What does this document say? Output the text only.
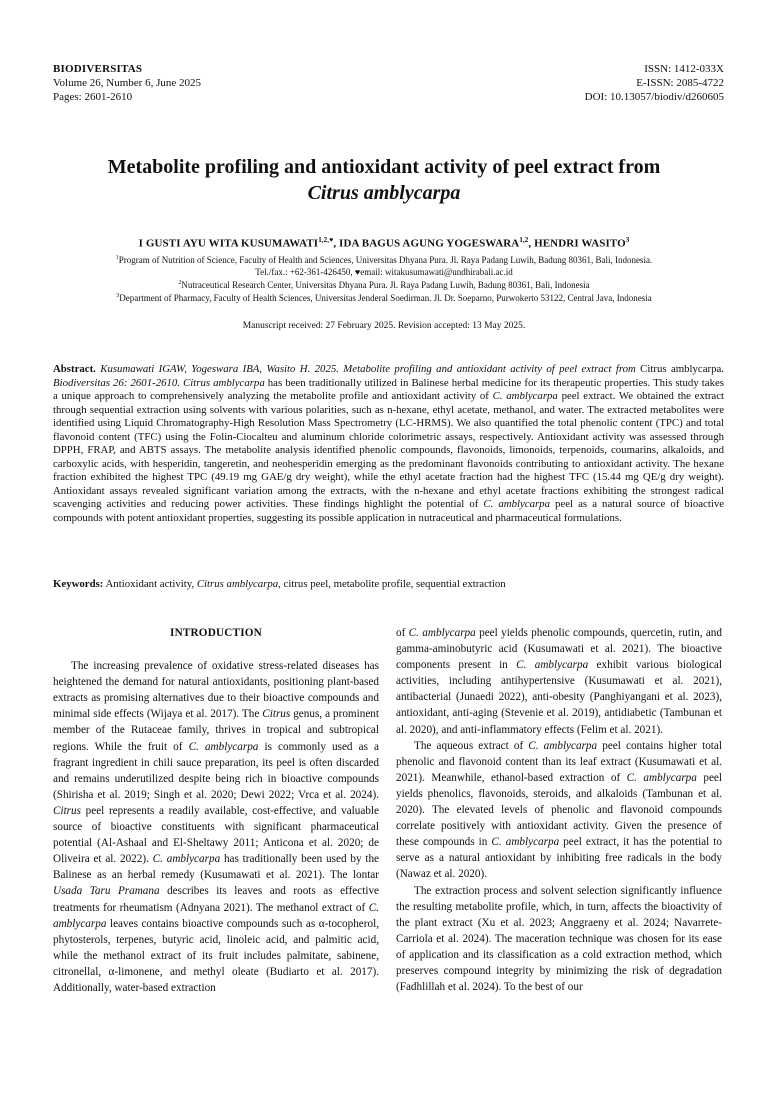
BIODIVERSITAS
Volume 26, Number 6, June 2025
Pages: 2601-2610
ISSN: 1412-033X
E-ISSN: 2085-4722
DOI: 10.13057/biodiv/d260605
Metabolite profiling and antioxidant activity of peel extract from
Citrus amblycarpa
I GUSTI AYU WITA $KUSUMAWATI^{1,2,♥}$, IDA BAGUS AGUNG YOGESWARA$^{1,2}$, HENDRI WASITO$^3$
$^1$Program of Nutrition of Science, Faculty of Health and Sciences, Universitas Dhyana Pura. Jl. Raya Padang Luwih, Badung 80361, Bali, Indonesia.
Tel./fax.: +62-361-426450, ♥email: witakusumawati@undhirabali.ac.id
$^2$Nutraceutical Research Center, Universitas Dhyana Pura. Jl. Raya Padang Luwih, Badung 80361, Bali, Indonesia
$^3$Department of Pharmacy, Faculty of Health Sciences, Universitas Jenderal Soedirman. Jl. Dr. Soeparno, Purwokerto 53122, Central Java, Indonesia
Manuscript received: 27 February 2025. Revision accepted: 13 May 2025.
Abstract. Kusumawati IGAW, Yogeswara IBA, Wasito H. 2025. Metabolite profiling and antioxidant activity of peel extract from Citrus amblycarpa. Biodiversitas 26: 2601-2610. Citrus amblycarpa has been traditionally utilized in Balinese herbal medicine for its therapeutic properties. This study takes a unique approach to comprehensively analyzing the metabolite profile and antioxidant activity of C. amblycarpa peel extract. We obtained the extract through sequential extraction using solvents with various polarities, such as n-hexane, ethyl acetate, methanol, and water. The extracted metabolites were identified using Liquid Chromatography-High Resolution Mass Spectrometry (LC-HRMS). We also quantified the total phenolic content (TPC) and total flavonoid content (TFC) using the Folin-Ciocalteu and aluminum chloride colorimetric assays, respectively. Antioxidant activity was assessed through DPPH, FRAP, and ABTS assays. The metabolite analysis identified phenolic compounds, flavonoids, limonoids, terpenoids, coumarins, alkaloids, and carboxylic acids, with hesperidin, tangeretin, and neohesperidin emerging as the predominant flavonoids contributing to antioxidant activity. The hexane fraction exhibited the highest TPC (49.19 mg GAE/g dry weight), while the ethyl acetate fraction had the highest TFC (15.44 mg QE/g dry weight). Antioxidant assays revealed significant variation among the extracts, with the n-hexane and ethyl acetate fractions exhibiting the strongest radical scavenging activities and reducing power activities. These findings highlight the potential of C. amblycarpa peel as a natural source of bioactive compounds with potent antioxidant properties, suggesting its possible application in nutraceutical and pharmaceutical formulations.
Keywords: Antioxidant activity, Citrus amblycarpa, citrus peel, metabolite profile, sequential extraction
INTRODUCTION

The increasing prevalence of oxidative stress-related diseases has heightened the demand for natural antioxidants, positioning plant-based extracts as promising alternatives due to their bioactive compounds and minimal side effects (Wijaya et al. 2017). The Citrus genus, a prominent member of the Rutaceae family, thrives in tropical and subtropical regions. While the fruit of C. amblycarpa is commonly used as a fragrant ingredient in chili sauce preparation, its peel is often discarded and remains underutilized despite being rich in bioactive compounds (Shirisha et al. 2019; Singh et al. 2020; Dewi 2022; Vrca et al. 2024). Citrus peel represents a readily available, cost-effective, and valuable source of bioactive constituents with significant pharmaceutical potential (Al-Ashaal and El-Sheltawy 2011; Anticona et al. 2020; de Oliveira et al. 2022). C. amblycarpa has traditionally been used by the Balinese as an herbal remedy (Kusumawati et al. 2021). The lontar Usada Taru Pramana describes its leaves and roots as effective treatments for rheumatism (Adnyana 2021). The methanol extract of C. amblycarpa leaves contains bioactive compounds such as α-tocopherol, phytosterols, terpenes, butyric acid, linoleic acid, and palmitic acid, while the methanol extract of its fruit includes palmitate, sabinene, citronellal, α-limonene, and methyl oleate (Budiarto et al. 2017). Additionally, water-based extraction

of C. amblycarpa peel yields phenolic compounds, quercetin, rutin, and gamma-aminobutyric acid (Kusumawati et al. 2021). The bioactive components present in C. amblycarpa exhibit various biological activities, including antihypertensive (Kusumawati et al. 2021), antibacterial (Junaedi 2022), anti-obesity (Panghiyangani et al. 2023), antioxidant, anti-aging (Stevenie et al. 2019), antidiabetic (Tambunan et al. 2020), and anti-inflammatory effects (Felim et al. 2021).

The aqueous extract of C. amblycarpa peel contains higher total phenolic and flavonoid content than its leaf extract (Kusumawati et al. 2021). Meanwhile, ethanol-based extraction of C. amblycarpa peel yields phenolics, flavonoids, steroids, and alkaloids (Tambunan et al. 2020). The elevated levels of phenolic and flavonoid compounds correlate positively with antioxidant activity. Given the presence of these compounds in C. amblycarpa peel extract, it has the potential to serve as a natural antioxidant by inhibiting free radicals in the body (Nawaz et al. 2020).

The extraction process and solvent selection significantly influence the resulting metabolite profile, which, in turn, affects the bioactivity of the plant extract (Xu et al. 2023; Anggraeny et al. 2024; Navarrete-Carriola et al. 2024). The maceration technique was chosen for its ease of application and its classification as a cold extraction method, which preserves compound integrity by minimizing the risk of degradation (Fadhlillah et al. 2024). To the best of our
